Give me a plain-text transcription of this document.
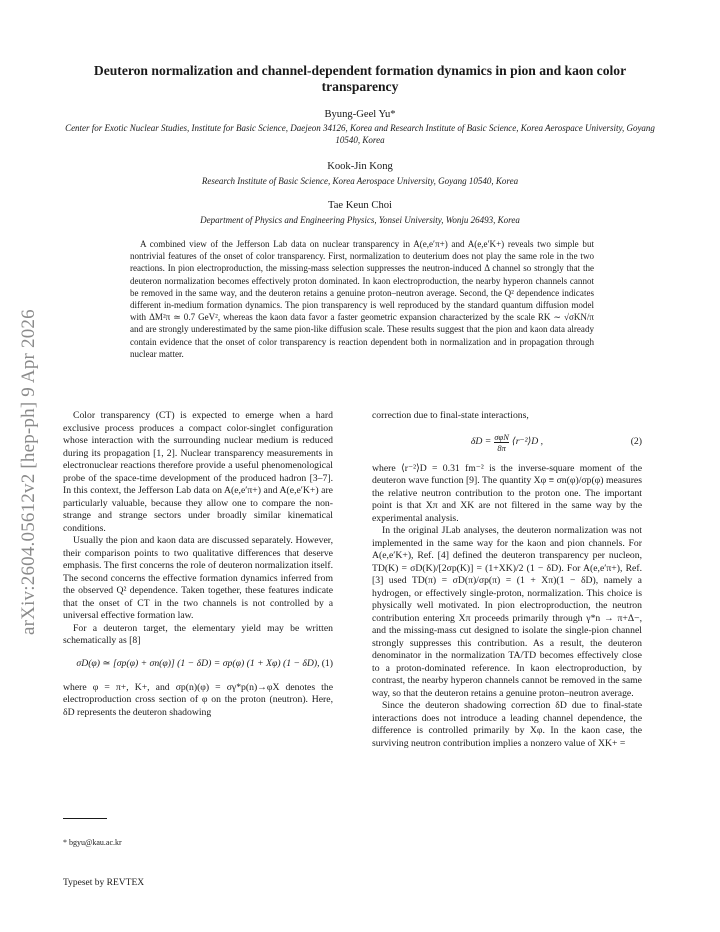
arXiv:2604.05612v2 [hep-ph] 9 Apr 2026
Deuteron normalization and channel-dependent formation dynamics in pion and kaon color transparency
Byung-Geel Yu*
Center for Exotic Nuclear Studies, Institute for Basic Science, Daejeon 34126, Korea and Research Institute of Basic Science, Korea Aerospace University, Goyang 10540, Korea
Kook-Jin Kong
Research Institute of Basic Science, Korea Aerospace University, Goyang 10540, Korea
Tae Keun Choi
Department of Physics and Engineering Physics, Yonsei University, Wonju 26493, Korea
A combined view of the Jefferson Lab data on nuclear transparency in A(e,e′π+) and A(e,e′K+) reveals two simple but nontrivial features of the onset of color transparency. First, normalization to deuterium does not play the same role in the two reactions. In pion electroproduction, the missing-mass selection suppresses the neutron-induced Δ channel so strongly that the deuteron normalization becomes effectively proton dominated. In kaon electroproduction, the nearby hyperon channels cannot be removed in the same way, and the deuteron retains a genuine proton–neutron average. Second, the Q² dependence indicates different in-medium formation dynamics. The pion transparency is well reproduced by the standard quantum diffusion model with ΔM²π ≃ 0.7 GeV², whereas the kaon data favor a faster geometric expansion characterized by the scale RK ∼ √σKN/π and are strongly underestimated by the same pion-like diffusion scale. These results suggest that the pion and kaon data already contain evidence that the onset of color transparency is reaction dependent both in normalization and in propagation through nuclear matter.

Color transparency (CT) is expected to emerge when a hard exclusive process produces a compact color-singlet configuration whose interaction with the surrounding nuclear medium is reduced during its propagation [1, 2]. Nuclear transparency measurements in electronuclear reactions therefore provide a useful phenomenological probe of the space-time development of the produced hadron [3–7]. In this context, the Jefferson Lab data on A(e,e′π+) and A(e,e′K+) are particularly valuable, because they allow one to compare the non-strange and strange sectors under broadly similar kinematical conditions.

Usually the pion and kaon data are discussed separately. However, their comparison points to two qualitative differences that deserve emphasis. The first concerns the role of deuteron normalization itself. The second concerns the effective formation dynamics inferred from the observed Q² dependence. Taken together, these features indicate that the onset of CT in the two channels is not controlled by a universal effective formation law.

For a deuteron target, the elementary yield may be written schematically as [8]

σD(φ) ≃ [σp(φ) + σn(φ)] (1 − δD) = σp(φ) (1 + Xφ) (1 − δD), (1)

where φ = π+, K+, and σp(n)(φ) = σγ*p(n)→φX denotes the electroproduction cross section of φ on the proton (neutron). Here, δD represents the deuteron shadowing

correction due to final-state interactions,

$\delta D = \frac{\text{σφN}}{8\pi}$ ⟨r⁻²⟩D ,	(2)

where ⟨r⁻²⟩D = 0.31 fm⁻² is the inverse-square moment of the deuteron wave function [9]. The quantity Xφ ≡ σn(φ)/σp(φ) measures the relative neutron contribution to the proton one. The important point is that Xπ and XK are not filtered in the same way by the experimental analysis.

In the original JLab analyses, the deuteron normalization was not implemented in the same way for the kaon and pion channels. For A(e,e′K+), Ref. [4] defined the deuteron transparency per nucleon, TD(K) = σD(K)/[2σp(K)] = (1+XK)/2 (1 − δD). For A(e,e′π+), Ref. [3] used TD(π) = σD(π)/σp(π) = (1 + Xπ)(1 − δD), namely a hydrogen, or effectively single-proton, normalization. This choice is physically well motivated. In pion electroproduction, the neutron contribution entering Xπ proceeds primarily through γ*n → π+Δ−, and the missing-mass cut designed to isolate the single-pion channel strongly suppresses this contribution. As a result, the deuteron denominator in the normalization TA/TD becomes effectively close to a proton-dominated reference. In kaon electroproduction, by contrast, the nearby hyperon channels cannot be removed in the same way, so that the deuteron retains a genuine proton–neutron average.

Since the deuteron shadowing correction δD due to final-state interactions does not introduce a leading channel dependence, the difference is controlled primarily by Xφ. In the kaon case, the surviving neutron contribution implies a nonzero value of XK+ =

* bgyu@kau.ac.kr
Typeset by REVTEX
